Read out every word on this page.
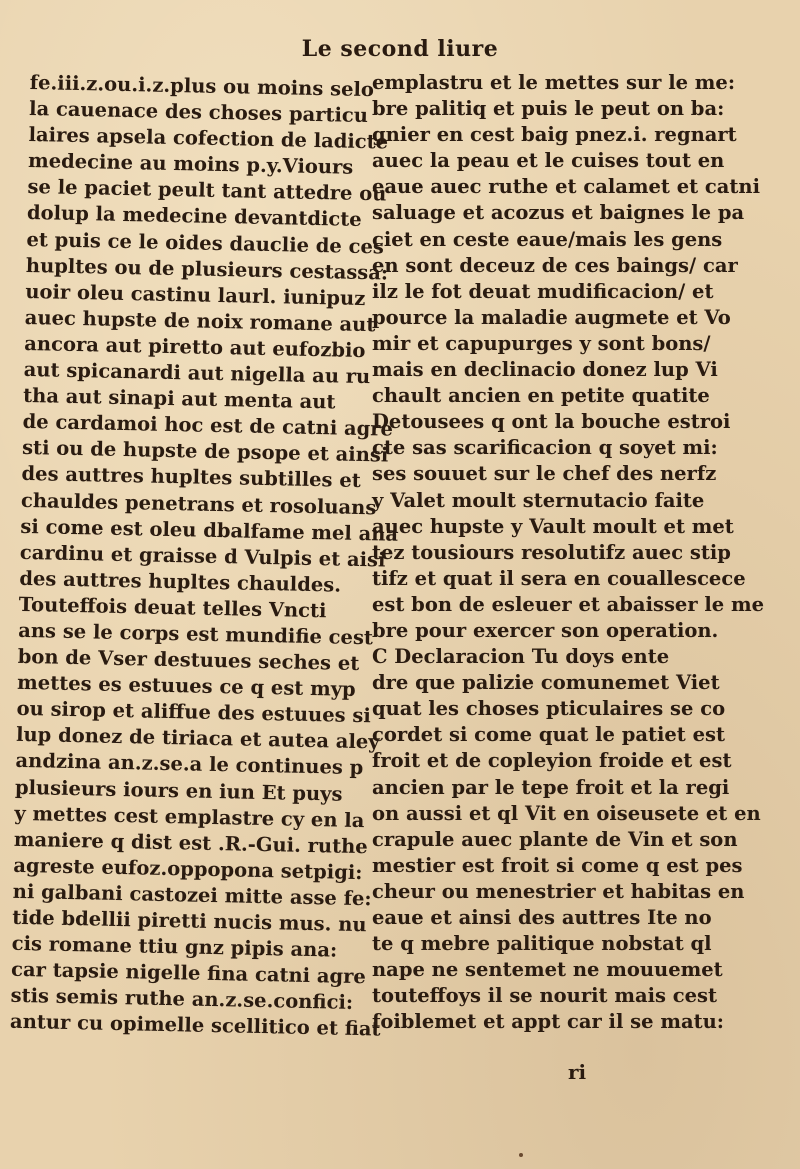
Le second liure
fe.iii.z.ou.i.z.plus ou moins selo
la cauenace des choses particu
laires apsela cofection de ladicte
medecine au moins p.y.Viours
se le paciet peult tant attedre ou
dolup la medecine devantdicte
et puis ce le oides dauclie de ces
hupltes ou de plusieurs cestassa:
uoir oleu castinu laurl. iunipuz
auec hupste de noix romane aut
ancora aut piretto aut eufozbio
aut spicanardi aut nigella au ru
tha aut sinapi aut menta aut
de cardamoi hoc est de catni agre
sti ou de hupste de psope et ainsi
des auttres hupltes subtilles et
chauldes penetrans et rosoluans
si come est oleu dbalfame mel ana
cardinu et graisse d Vulpis et aisi
des auttres hupltes chauldes.
Touteffois deuat telles Vncti
ans se le corps est mundifie cest
bon de Vser destuues seches et
mettes es estuues ce q est myp
ou sirop et aliffue des estuues si
lup donez de tiriaca et autea aley
andzina an.z.se.a le continues p
plusieurs iours en iun Et puys
y mettes cest emplastre cy en la
maniere q dist est .R.-Gui. ruthe
agreste eufoz.oppopona setpigi:
ni galbani castozei mitte asse fe:
tide bdellii piretti nucis mus. nu
cis romane ttiu gnz pipis ana:
car tapsie nigelle fina catni agre
stis semis ruthe an.z.se.confici:
antur cu opimelle scellitico et fiat
emplastru et le mettes sur le me:
bre palitiq et puis le peut on ba:
gnier en cest baig pnez.i. regnart
auec la peau et le cuises tout en
eaue auec ruthe et calamet et catni
saluage et acozus et baignes le pa
ciet en ceste eaue/mais les gens
en sont deceuz de ces baings/ car
ilz le fot deuat mudificacion/ et
pource la maladie augmete et Vo
mir et capupurges y sont bons/
mais en declinacio donez lup Vi
chault ancien en petite quatite
Detousees q ont la bouche estroi
cte sas scarificacion q soyet mi:
ses souuet sur le chef des nerfz
y Valet moult sternutacio faite
auec hupste y Vault moult et met
tez tousiours resolutifz auec stip
tifz et quat il sera en couallescece
est bon de esleuer et abaisser le me
bre pour exercer son operation.
C Declaracion Tu doys ente
dre que palizie comunemet Viet
quat les choses pticulaires se co
cordet si come quat le patiet est
froit et de copleyion froide et est
ancien par le tepe froit et la regi
on aussi et ql Vit en oiseusete et en
crapule auec plante de Vin et son
mestier est froit si come q est pes
cheur ou menestrier et habitas en
eaue et ainsi des auttres Ite no
te q mebre palitique nobstat ql
nape ne sentemet ne mouuemet
touteffoys il se nourit mais cest
foiblemet et appt car il se matu:
ri
